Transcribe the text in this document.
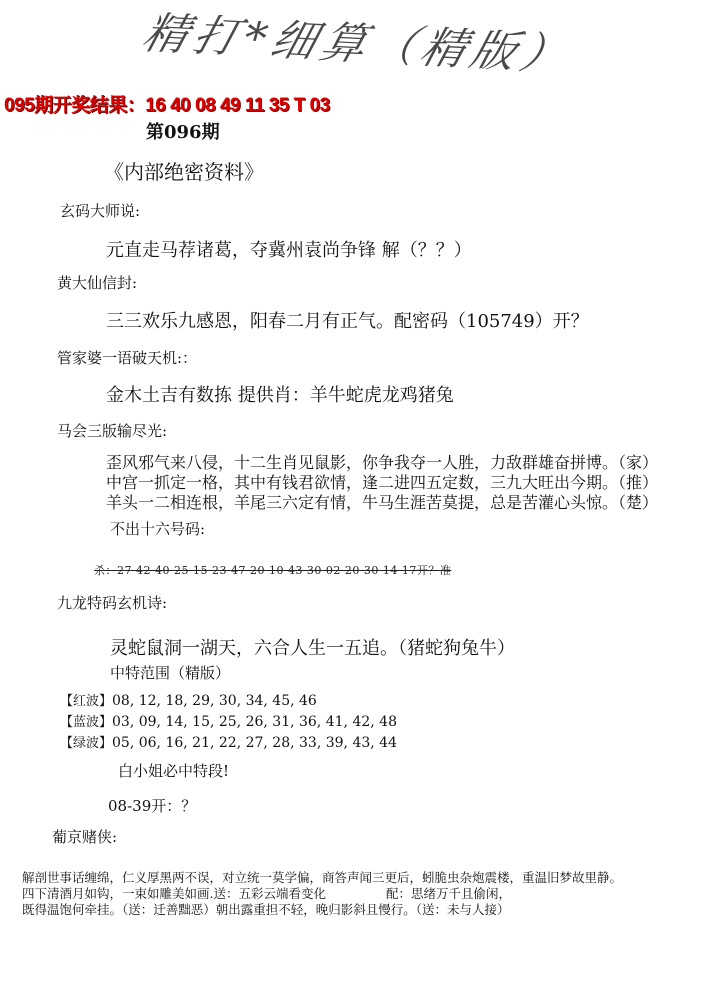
精打*细算（精版）
095期开奖结果：16 40 08 49 11 35 T 03
第096期
《内部绝密资料》
玄码大师说:
元直走马荐诸葛，夺冀州袁尚争锋 解（？？）
黄大仙信封:
三三欢乐九感恩，阳春二月有正气。配密码（105749）开？
管家婆一语破天机:：
金木土吉有数拣 提供肖：羊牛蛇虎龙鸡猪兔
马会三版输尽光:
歪风邪气来八侵，十二生肖见鼠影，你争我夺一人胜，力敌群雄奋拼博。（家）
中宫一抓定一格，其中有钱君欲情，逢二进四五定数，三九大旺出今期。（推）
羊头一二相连根，羊尾三六定有情，牛马生涯苦莫提，总是苦灌心头惊。（楚）
不出十六号码:
杀：27 42 40 25 15 23 47 20 10 43 30 02 20 30 14 17开？准
九龙特码玄机诗:
灵蛇鼠洞一湖天，六合人生一五追。（猪蛇狗兔牛）
中特范围（精版）
【红波】08, 12, 18, 29, 30, 34, 45, 46
【蓝波】03, 09, 14, 15, 25, 26, 31, 36, 41, 42, 48
【绿波】05, 06, 16, 21, 22, 27, 28, 33, 39, 43, 44
白小姐必中特段!
08-39开：？
葡京赌侠:
解剖世事话缠绵，仁义厚黑两不误，对立统一莫学偏，商答声闻三更后，蚓脆虫杂炮震楼，重温旧梦故里静。
四下清酒月如钩，一束如雕美如画.送：五彩云端看变化	配：思绪万千且偷闲，
既得温饱何牵挂。（送：迁善黜恶）朝出露重担不轻，晚归影斜且慢行。（送：未与人接）
